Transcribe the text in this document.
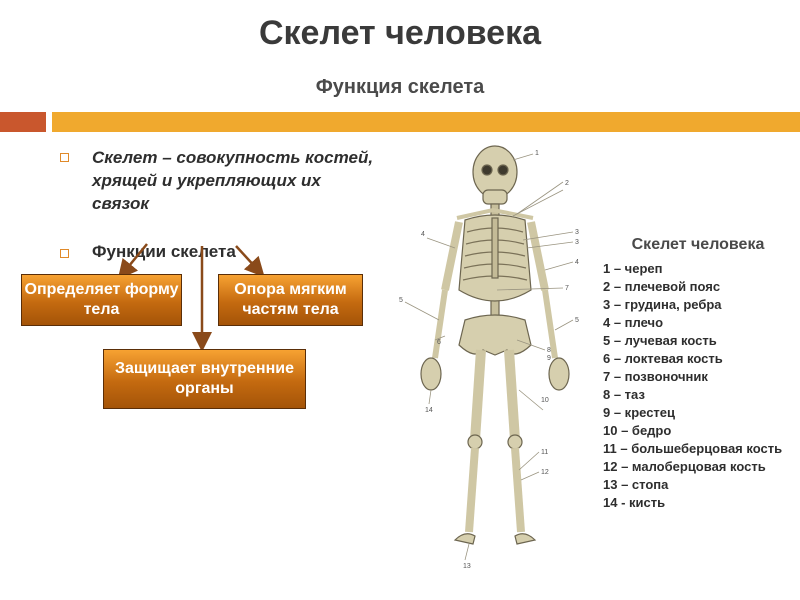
Скелет человека
Функция скелета
Скелет – совокупность костей, хрящей и укрепляющих их связок
Функции скелета
Определяет форму тела
Опора мягким частям тела
Защищает внутренние органы
1
2
3
3
4
4
5
5
6
7
8
9
10
11
12
13
14
Скелет человека
1 – череп
2 – плечевой пояс
3 – грудина, ребра
4 – плечо
5 – лучевая кость
6 – локтевая кость
7 – позвоночник
8 – таз
9 – крестец
10 – бедро
11 – большеберцовая кость
12 – малоберцовая кость
13 – стопа
14 - кисть
